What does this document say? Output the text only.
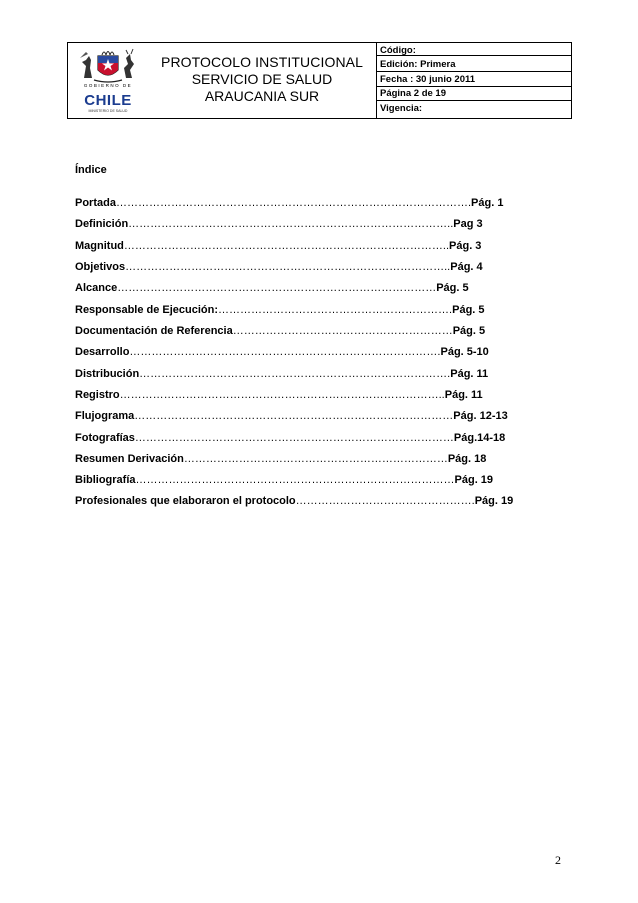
GOBIERNO DE
CHILE
MINISTERIO DE SALUD
PROTOCOLO INSTITUCIONAL
SERVICIO DE SALUD
ARAUCANIA SUR
Código:
Edición: Primera
Fecha : 30 junio 2011
Página 2 de 19
Vigencia:
Índice
Portada ……………………………………………………………………………………. Pág. 1
Definición …………………………………………………………………………….. Pag 3
Magnitud …………………………………………………………………………….. Pág. 3
Objetivos …………………………………………………………………………….. Pág. 4
Alcance …………………………………………………………………………… Pág. 5
Responsable de Ejecución: ………………………………………………………. Pág. 5
Documentación de Referencia …………………………………………………… Pág. 5
Desarrollo …………………………………………………………………………. Pág. 5-10
Distribución …………………………………………………………………………. Pág. 11
Registro …………………………………………………………………………….. Pág. 11
Flujograma …………………………………………………………………………… Pág. 12-13
Fotografías …………………………………………………………………………… Pág.14-18
Resumen Derivación ……………………………………………………………… Pág. 18
Bibliografía …………………………………………………………………………… Pág. 19
Profesionales que elaboraron el protocolo …………………………………………. Pág. 19
2
